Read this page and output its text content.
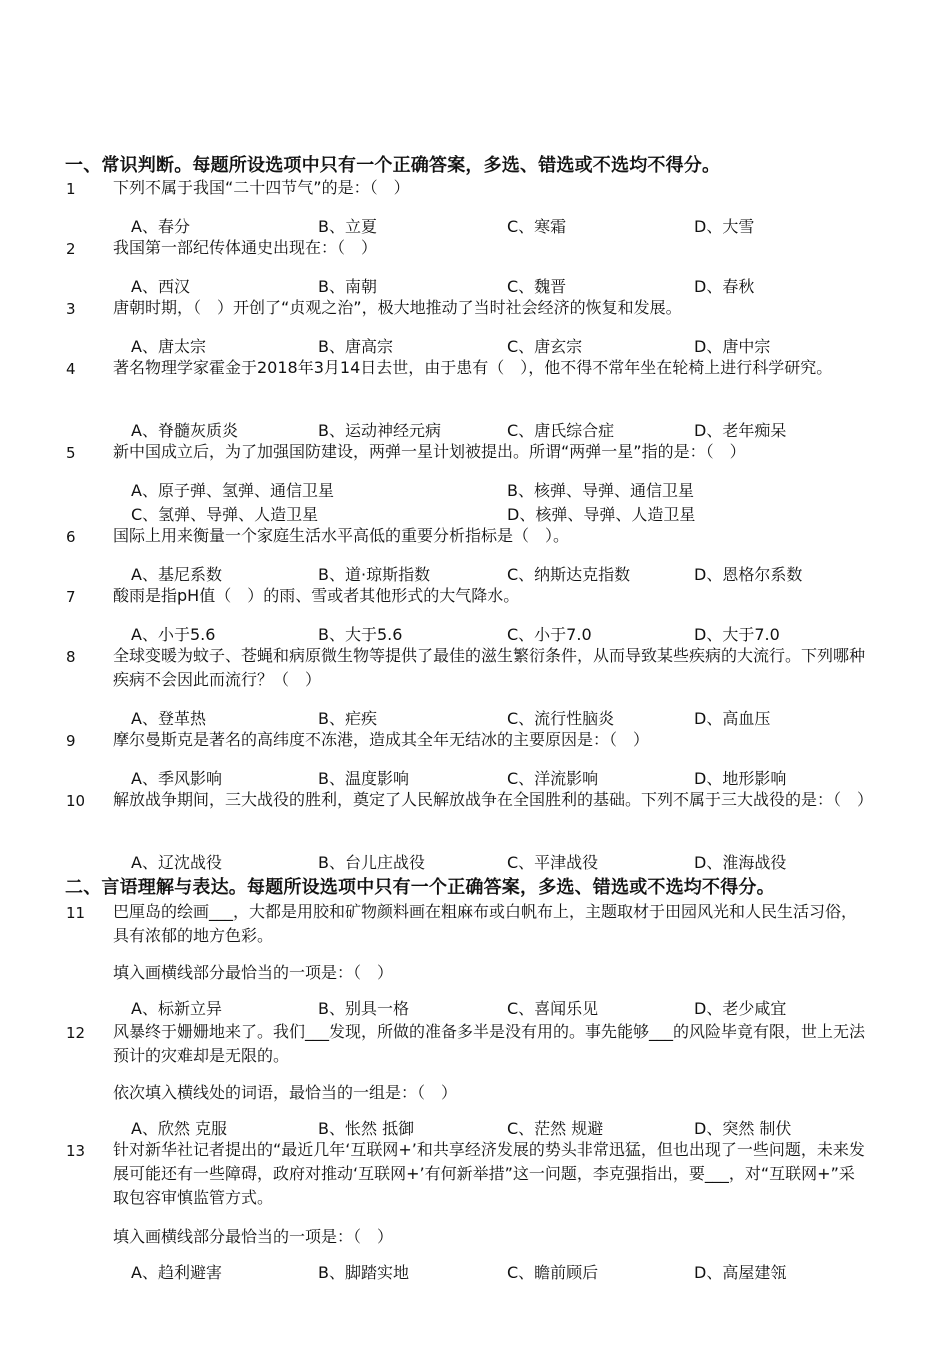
一、常识判断。每题所设选项中只有一个正确答案，多选、错选或不选均不得分。
1 下列不属于我国“二十四节气”的是：（　）
A、春分	B、立夏	C、寒霜	D、大雪
2 我国第一部纪传体通史出现在：（　）
A、西汉	B、南朝	C、魏晋	D、春秋
3 唐朝时期，（　）开创了“贞观之治”，极大地推动了当时社会经济的恢复和发展。
A、唐太宗	B、唐高宗	C、唐玄宗	D、唐中宗
4 著名物理学家霍金于2018年3月14日去世，由于患有（　），他不得不常年坐在轮椅上进行科学研究。
A、脊髓灰质炎	B、运动神经元病	C、唐氏综合症	D、老年痴呆
5 新中国成立后，为了加强国防建设，两弹一星计划被提出。所谓“两弹一星”指的是：（　）
A、原子弹、氢弹、通信卫星	B、核弹、导弹、通信卫星
C、氢弹、导弹、人造卫星	D、核弹、导弹、人造卫星
6 国际上用来衡量一个家庭生活水平高低的重要分析指标是（　）。
A、基尼系数	B、道·琼斯指数	C、纳斯达克指数	D、恩格尔系数
7 酸雨是指pH值（　）的雨、雪或者其他形式的大气降水。
A、小于5.6	B、大于5.6	C、小于7.0	D、大于7.0
8 全球变暖为蚊子、苍蝇和病原微生物等提供了最佳的滋生繁衍条件，从而导致某些疾病的大流行。下列哪种疾病不会因此而流行？（　）
A、登革热	B、疟疾	C、流行性脑炎	D、高血压
9 摩尔曼斯克是著名的高纬度不冻港，造成其全年无结冰的主要原因是：（　）
A、季风影响	B、温度影响	C、洋流影响	D、地形影响
10 解放战争期间，三大战役的胜利，奠定了人民解放战争在全国胜利的基础。下列不属于三大战役的是：（　）
A、辽沈战役	B、台儿庄战役	C、平津战役	D、淮海战役
二、言语理解与表达。每题所设选项中只有一个正确答案，多选、错选或不选均不得分。
11 巴厘岛的绘画___，大都是用胶和矿物颜料画在粗麻布或白帆布上，主题取材于田园风光和人民生活习俗，具有浓郁的地方色彩。
填入画横线部分最恰当的一项是：（　）
A、标新立异	B、别具一格	C、喜闻乐见	D、老少咸宜
12 风暴终于姗姗地来了。我们___发现，所做的准备多半是没有用的。事先能够___的风险毕竟有限，世上无法预计的灾难却是无限的。
依次填入横线处的词语，最恰当的一组是：（　）
A、欣然 克服	B、怅然 抵御	C、茫然 规避	D、突然 制伏
13 针对新华社记者提出的“最近几年‘互联网+’和共享经济发展的势头非常迅猛，但也出现了一些问题，未来发展可能还有一些障碍，政府对推动‘互联网+’有何新举措”这一问题，李克强指出，要___，对“互联网+”采取包容审慎监管方式。
填入画横线部分最恰当的一项是：（　）
A、趋利避害	B、脚踏实地	C、瞻前顾后	D、高屋建瓴
